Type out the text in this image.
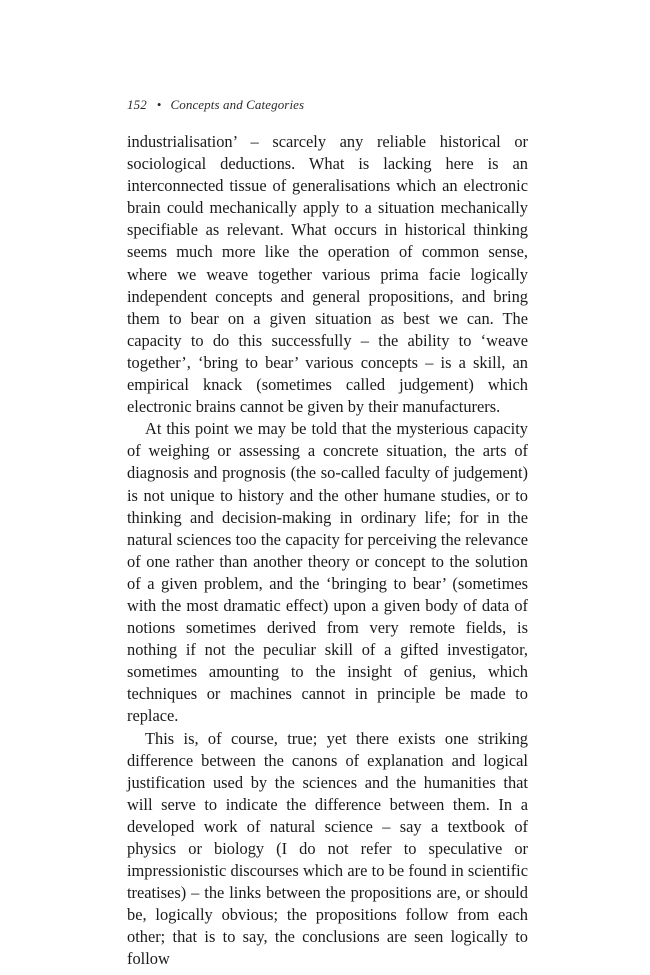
152 • Concepts and Categories

industrialisation’ – scarcely any reliable historical or sociological deductions. What is lacking here is an interconnected tissue of generalisations which an electronic brain could mechanically apply to a situation mechanically specifiable as relevant. What occurs in historical thinking seems much more like the operation of common sense, where we weave together various prima facie logically independent concepts and general propositions, and bring them to bear on a given situation as best we can. The capacity to do this successfully – the ability to ‘weave together’, ‘bring to bear’ various concepts – is a skill, an empirical knack (sometimes called judgement) which electronic brains cannot be given by their manufacturers.

At this point we may be told that the mysterious capacity of weighing or assessing a concrete situation, the arts of diagnosis and prognosis (the so-called faculty of judgement) is not unique to history and the other humane studies, or to thinking and decision-making in ordinary life; for in the natural sciences too the capacity for perceiving the relevance of one rather than another theory or concept to the solution of a given problem, and the ‘bringing to bear’ (sometimes with the most dramatic effect) upon a given body of data of notions sometimes derived from very remote fields, is nothing if not the peculiar skill of a gifted investigator, sometimes amounting to the insight of genius, which techniques or machines cannot in principle be made to replace.

This is, of course, true; yet there exists one striking difference between the canons of explanation and logical justification used by the sciences and the humanities that will serve to indicate the difference between them. In a developed work of natural science – say a textbook of physics or biology (I do not refer to speculative or impressionistic discourses which are to be found in scientific treatises) – the links between the propositions are, or should be, logically obvious; the propositions follow from each other; that is to say, the conclusions are seen logically to follow
